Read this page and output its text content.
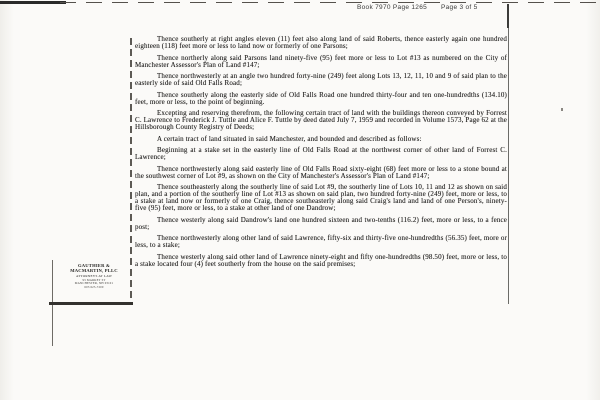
Book 7970 Page 1265 Page 3 of 5

Thence southerly at right angles eleven (11) feet also along land of said Roberts, thence easterly again one hundred eighteen (118) feet more or less to land now or formerly of one Parsons;

Thence northerly along said Parsons land ninety-five (95) feet more or less to Lot #13 as numbered on the City of Manchester Assessor's Plan of Land #147;

Thence northwesterly at an angle two hundred forty-nine (249) feet along Lots 13, 12, 11, 10 and 9 of said plan to the easterly side of said Old Falls Road;

Thence southerly along the easterly side of Old Falls Road one hundred thirty-four and ten one-hundredths (134.10) feet, more or less, to the point of beginning.

Excepting and reserving therefrom, the following certain tract of land with the buildings thereon conveyed by Forrest C. Lawrence to Frederick J. Tuttle and Alice F. Tuttle by deed dated July 7, 1959 and recorded in Volume 1573, Page 62 at the Hillsborough County Registry of Deeds;

A certain tract of land situated in said Manchester, and bounded and described as follows:

Beginning at a stake set in the easterly line of Old Falls Road at the northwest corner of other land of Forrest C. Lawrence;

Thence northwesterly along said easterly line of Old Falls Road sixty-eight (68) feet more or less to a stone bound at the southwest corner of Lot #9, as shown on the City of Manchester's Assessor's Plan of Land #147;

Thence southeasterly along the southerly line of said Lot #9, the southerly line of Lots 10, 11 and 12 as shown on said plan, and a portion of the southerly line of Lot #13 as shown on said plan, two hundred forty-nine (249) feet, more or less, to a stake at land now or formerly of one Craig, thence southeasterly along said Craig's land and land of one Person's, ninety-five (95) feet, more or less, to a stake at other land of one Dandrow;

Thence westerly along said Dandrow's land one hundred sixteen and two-tenths (116.2) feet, more or less, to a fence post;

Thence northwesterly along other land of said Lawrence, fifty-six and thirty-five one-hundredths (56.35) feet, more or less, to a stake;

Thence westerly along said other land of Lawrence ninety-eight and fifty one-hundredths (98.50) feet, more or less, to a stake located four (4) feet southerly from the house on the said premises;

GAUTHIER &
MACMARTIN, PLLC
ATTORNEYS AT LAW
93 MARKET ST
MANCHESTER, NH 03101
603 625-7200
